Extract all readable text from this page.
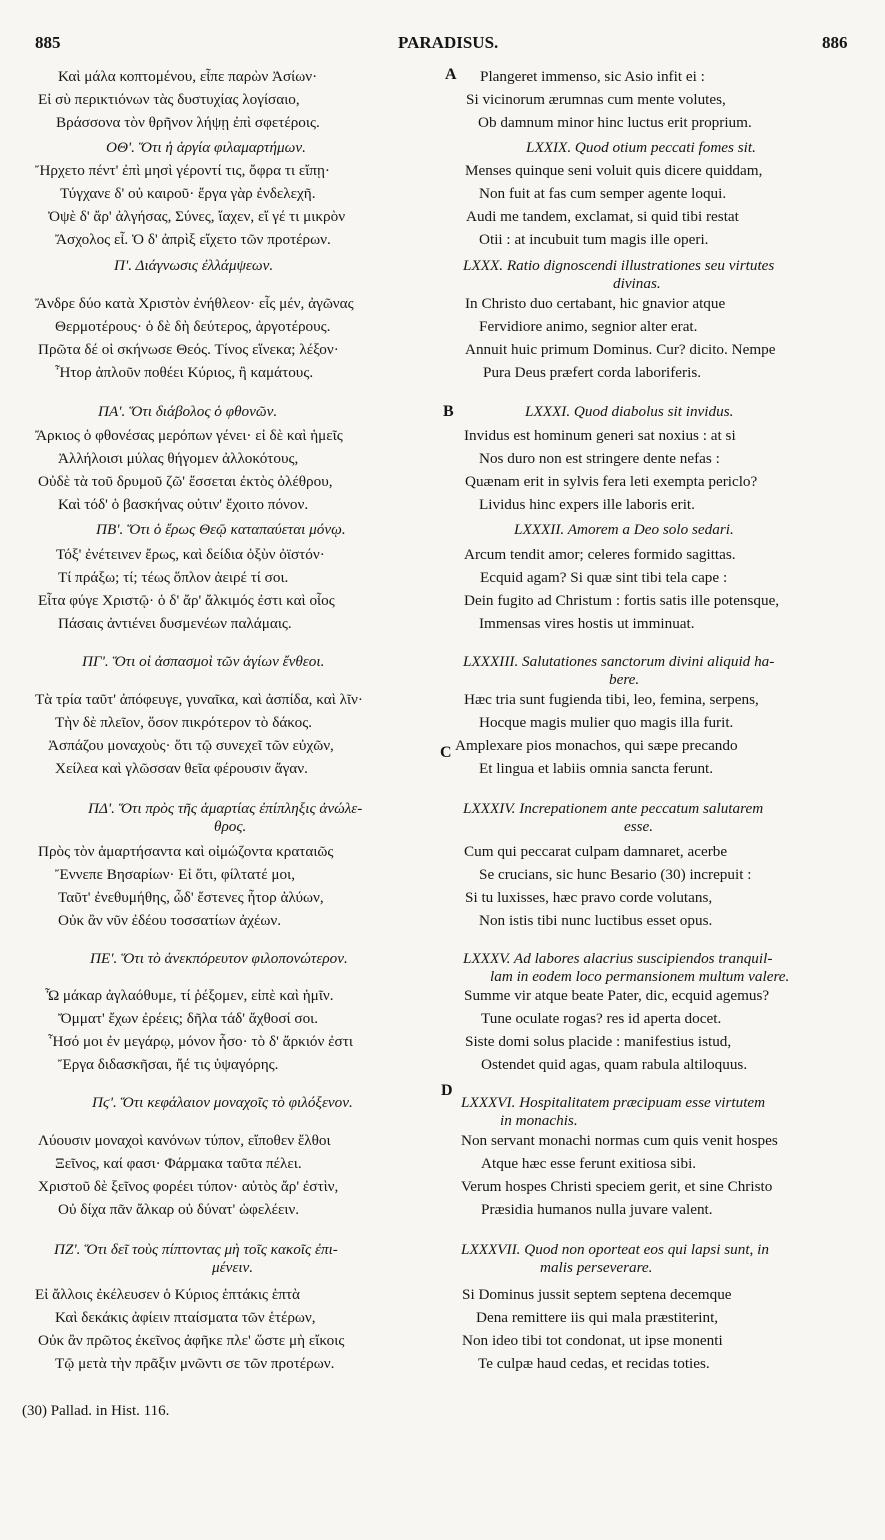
885	PARADISUS.	886
A
B
C
D
Καὶ μάλα κοπτομένου, εἶπε παρὼν Ἀσίων·
Εἰ σὺ περικτιόνων τὰς δυστυχίας λογίσαιο,
Βράσσονα τὸν θρῆνον λήψῃ ἐπὶ σφετέροις.
ΟΘʹ. Ὅτι ἡ ἀργία φιλαμαρτήμων.
Ἤρχετο πέντ' ἐπὶ μησὶ γέροντί τις, ὄφρα τι εἴπῃ·
Τύγχανε δ' οὐ καιροῦ· ἔργα γὰρ ἐνδελεχῆ.
Ὀψὲ δ' ἄρ' ἀλγήσας, Σύνες, ἴαχεν, εἴ γέ τι μικρὸν
Ἄσχολος εἶ. Ὁ δ' ἀπρὶξ εἴχετο τῶν προτέρων.
Πʹ. Διάγνωσις ἐλλάμψεων.
Ἄνδρε δύο κατὰ Χριστὸν ἐνήθλεον· εἷς μέν, ἀγῶνας
Θερμοτέρους· ὁ δὲ δὴ δεύτερος, ἀργοτέρους.
Πρῶτα δέ οἱ σκήνωσε Θεός. Τίνος εἵνεκα; λέξον·
Ἦτορ ἁπλοῦν ποθέει Κύριος, ἢ καμάτους.
ΠΑʹ. Ὅτι διάβολος ὁ φθονῶν.
Ἄρκιος ὁ φθονέσας μερόπων γένει· εἰ δὲ καὶ ἡμεῖς
Ἀλλήλοισι μύλας θήγομεν ἀλλοκότους,
Οὐδὲ τὰ τοῦ δρυμοῦ ζῶ' ἔσσεται ἐκτὸς ὀλέθρου,
Καὶ τόδ' ὁ βασκήνας οὐτιν' ἔχοιτο πόνον.
ΠΒʹ. Ὅτι ὁ ἔρως Θεῷ καταπαύεται μόνῳ.
Τόξ' ἐνέτεινεν ἔρως, καὶ δείδια ὀξὺν ὀϊστόν·
Τί πράξω; τί; τέως ὅπλον ἀειρέ τί σοι.
Εἶτα φύγε Χριστῷ· ὁ δ' ἄρ' ἄλκιμός ἐστι καὶ οἷος
Πάσαις ἀντιένει δυσμενέων παλάμαις.
ΠΓʹ. Ὅτι οἱ ἀσπασμοὶ τῶν ἁγίων ἔνθεοι.
Τὰ τρία ταῦτ' ἀπόφευγε, γυναῖκα, καὶ ἀσπίδα, καὶ λῖν·
Τὴν δὲ πλεῖον, ὅσον πικρότερον τὸ δάκος.
Ἀσπάζου μοναχοὺς· ὅτι τῷ συνεχεῖ τῶν εὐχῶν,
Χείλεα καὶ γλῶσσαν θεῖα φέρουσιν ἄγαν.
ΠΔʹ. Ὅτι πρὸς τῆς ἁμαρτίας ἐπίπληξις ἀνώλε-
θρος.
Πρὸς τὸν ἁμαρτήσαντα καὶ οἰμώζοντα κραταιῶς
Ἔννεπε Βησαρίων· Εἰ ὅτι, φίλτατέ μοι,
Ταῦτ' ἐνεθυμήθης, ὧδ' ἔστενες ἦτορ ἀλύων,
Οὐκ ἂν νῦν ἐδέου τοσσατίων ἀχέων.
ΠΕʹ. Ὅτι τὸ ἀνεκπόρευτον φιλοπονώτερον.
Ὦ μάκαρ ἀγλαόθυμε, τί ῥέξομεν, εἰπὲ καὶ ἡμῖν.
Ὄμματ' ἔχων ἐρέεις; δῆλα τάδ' ἄχθοσί σοι.
Ἧσό μοι ἐν μεγάρῳ, μόνον ἧσο· τὸ δ' ἄρκιόν ἐστι
Ἔργα διδασκῆσαι, ἤέ τις ὑψαγόρης.
Πϛʹ. Ὅτι κεφάλαιον μοναχοῖς τὸ φιλόξενον.
Λύουσιν μοναχοὶ κανόνων τύπον, εἴποθεν ἔλθοι
Ξεῖνος, καί φασι· Φάρμακα ταῦτα πέλει.
Χριστοῦ δὲ ξεῖνος φορέει τύπον· αὐτὸς ἄρ' ἐστὶν,
Οὐ δίχα πᾶν ἄλκαρ οὐ δύνατ' ὠφελέειν.
ΠΖʹ. Ὅτι δεῖ τοὺς πίπτοντας μὴ τοῖς κακοῖς ἐπι-
μένειν.
Εἰ ἄλλοις ἐκέλευσεν ὁ Κύριος ἑπτάκις ἑπτὰ
Καὶ δεκάκις ἀφίειν πταίσματα τῶν ἑτέρων,
Οὐκ ἂν πρῶτος ἐκεῖνος ἀφῆκε πλε' ὥστε μὴ εἴκοις
Τῷ μετὰ τὴν πρᾶξιν μνῶντι σε τῶν προτέρων.
Plangeret immenso, sic Asio infit ei :
Si vicinorum ærumnas cum mente volutes,
Ob damnum minor hinc luctus erit proprium.
LXXIX. Quod otium peccati fomes sit.
Menses quinque seni voluit quis dicere quiddam,
Non fuit at fas cum semper agente loqui.
Audi me tandem, exclamat, si quid tibi restat
Otii : at incubuit tum magis ille operi.
LXXX. Ratio dignoscendi illustrationes seu virtutes
divinas.
In Christo duo certabant, hic gnavior atque
Fervidiore animo, segnior alter erat.
Annuit huic primum Dominus. Cur? dicito. Nempe
Pura Deus præfert corda laboriferis.
LXXXI. Quod diabolus sit invidus.
Invidus est hominum generi sat noxius : at si
Nos duro non est stringere dente nefas :
Quænam erit in sylvis fera leti exempta periclo?
Lividus hinc expers ille laboris erit.
LXXXII. Amorem a Deo solo sedari.
Arcum tendit amor; celeres formido sagittas.
Ecquid agam? Si quæ sint tibi tela cape :
Dein fugito ad Christum : fortis satis ille potensque,
Immensas vires hostis ut imminuat.
LXXXIII. Salutationes sanctorum divini aliquid ha-
bere.
Hæc tria sunt fugienda tibi, leo, femina, serpens,
Hocque magis mulier quo magis illa furit.
Amplexare pios monachos, qui sæpe precando
Et lingua et labiis omnia sancta ferunt.
LXXXIV. Increpationem ante peccatum salutarem
esse.
Cum qui peccarat culpam damnaret, acerbe
Se crucians, sic hunc Besario (30) increpuit :
Si tu luxisses, hæc pravo corde volutans,
Non istis tibi nunc luctibus esset opus.
LXXXV. Ad labores alacrius suscipiendos tranquil-
lam in eodem loco permansionem multum valere.
Summe vir atque beate Pater, dic, ecquid agemus?
Tune oculate rogas? res id aperta docet.
Siste domi solus placide : manifestius istud,
Ostendet quid agas, quam rabula altiloquus.
LXXXVI. Hospitalitatem præcipuam esse virtutem
in monachis.
Non servant monachi normas cum quis venit hospes
Atque hæc esse ferunt exitiosa sibi.
Verum hospes Christi speciem gerit, et sine Christo
Præsidia humanos nulla juvare valent.
LXXXVII. Quod non oporteat eos qui lapsi sunt, in
malis perseverare.
Si Dominus jussit septem septena decemque
Dena remittere iis qui mala præstiterint,
Non ideo tibi tot condonat, ut ipse monenti
Te culpæ haud cedas, et recidas toties.
(30) Pallad. in Hist. 116.
